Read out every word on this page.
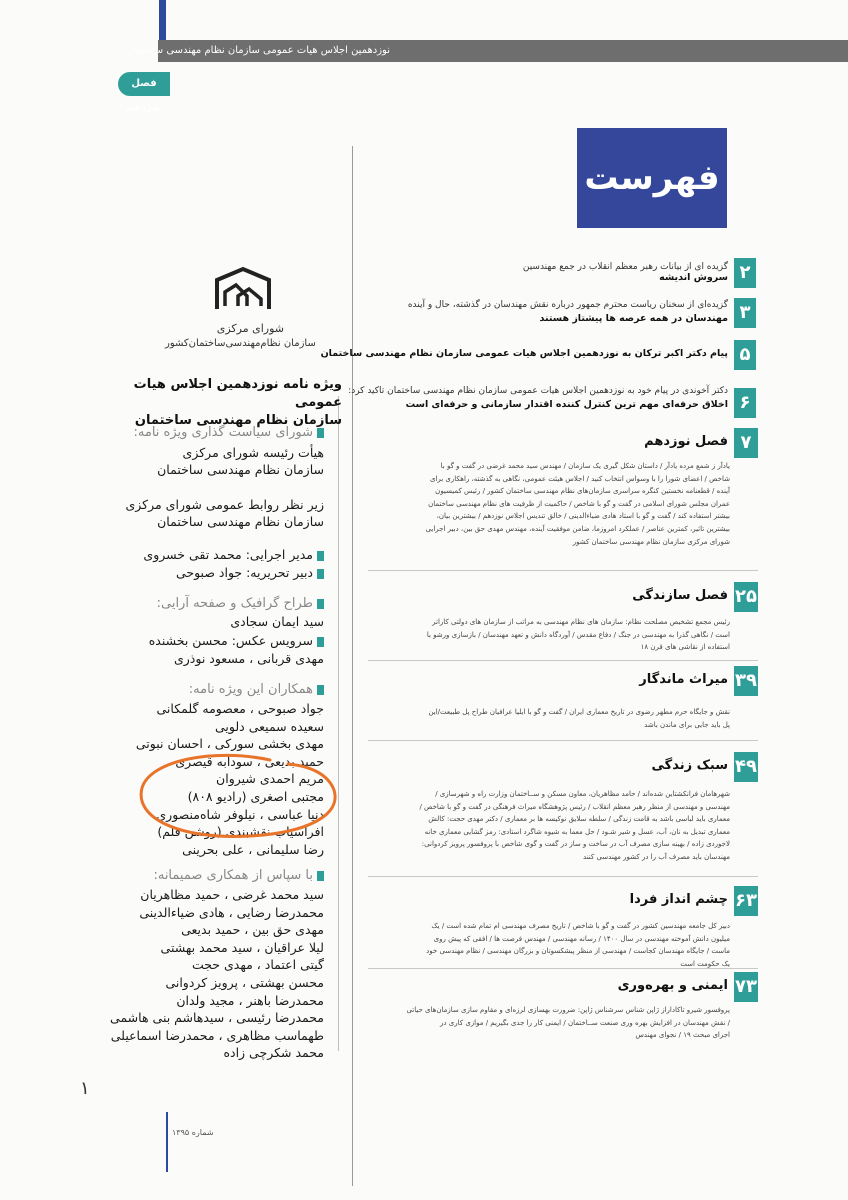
نوزدهمین اجلاس هیات عمومی سازمان نظام مهندسی ساختمان
فصل نوزدهم
فهرست
۲
گزیده ای از بیانات رهبر معظم انقلاب در جمع مهندسین
سروش اندیشه
۳
گزیده‌ای از سخنان ریاست محترم جمهور درباره نقش مهندسان در گذشته، حال و آینده
مهندسان در همه عرصه ها پیشتاز هستند
۵
پیام دکتر اکبر ترکان به نوزدهمین اجلاس هیات عمومی سازمان نظام مهندسی ساختمان
۶
دکتر آخوندی در پیام خود به نوزدهمین اجلاس هیات عمومی سازمان نظام مهندسی ساختمان تاکید کرد:
اخلاق حرفه‌ای مهم ترین کنترل کننده اقتدار سازمانی و حرفه‌ای است
۷
فصل نوزدهم
یادآر ز شمع مرده یادآر / داستان شکل گیری یک سازمان / مهندس سید محمد غرضی در گفت و گو با
شاخص / اعضای شورا را با وسواس انتخاب کنید / اجلاس هیئت عمومی، نگاهی به گذشته، راهکاری برای
آینده / قطعنامه نخستین کنگره سراسری سازمان‌های نظام مهندسی ساختمان کشور / رئیس کمیسیون
عمران مجلس شورای اسلامی در گفت و گو با شاخص / حاکمیت از ظرفیت های نظام مهندسی ساختمان
بیشتر استفاده کند / گفت و گو با استاد هادی ضیاءالدینی / خالق تندیس اجلاس نوزدهم / بیشترین بیان،
بیشترین تاثیر، کمترین عناصر / عملکرد امروزما، ضامن موفقیت آینده، مهندس مهدی حق بین، دبیر اجرایی
شورای مرکزی سازمان نظام مهندسی ساختمان کشور
۲۵
فصل سازندگی
رئیس مجمع تشخیص مصلحت نظام: سازمان های نظام مهندسی به مراتب از سازمان های دولتی کاراتر
است / نگاهی گذرا به مهندسی در جنگ / دفاع مقدس / آوردگاه دانش و تعهد مهندسان / بازسازی ورشو با
استفاده از نقاشی های قرن ۱۸
۳۹
میراث ماندگار
نقش و جایگاه حرم مطهر رضوی در تاریخ معماری ایران / گفت و گو با ایلیا عرافیان طراح پل طبیعت/این
پل باید جایی برای ماندن باشد
۴۹
سبک زندگی
شهرهامان فرانکشتاین شده‌اند / حامد مظاهریان، معاون مسکن و ســاختمان وزارت راه و شهرسازی /
مهندسی و مهندسی از منظر رهبر معظم انقلاب / رئیس پژوهشگاه میراث فرهنگی در گفت و گو با شاخص /
معماری باید لباسی باشد به قامت زندگی / سلطه سلایق نوکیسه ها بر معماری / دکتر مهدی حجت: کالش
معماری تبدیل به نان، آب، عسل و شیر شـود / حل معما به شیوه شاگرد استادی: رمز گشایی معماری خانه
لاجوردی زاده / بهینه سازی مصرف آب در ساخت و ساز در گفت و گوی شاخص با پروفسور پرویز کردوانی:
مهندسان باید مصرف آب را در کشور مهندسی کنند
۶۳
چشم انداز فردا
دبیر کل جامعه مهندسین کشور در گفت و گو با شاخص / تاریخ مصرف مهندسی ام تمام شده است / یک
میلیون دانش آموخته مهندسی در سال ۱۴۰۰ / رسانه مهندسی / مهندس فرصت ها / افقی که پیش روی
ماست / جایگاه مهندسان کجاست / مهندسی از منظر پیشکسوتان و بزرگان مهندسی / نظام مهندسی خود
یک حکومت است
۷۳
ایمنی و بهره‌وری
پروفسور شیرو تاکاداراز ژاپن شناس سرشناس ژاپن: ضرورت بهسازی لرزه‌ای و مقاوم سازی سازمان‌های حیاتی
/ نقش مهندسان در افزایش بهره وری صنعت ســاختمان / ایمنی کار را جدی بگیریم / موازی کاری در
اجرای مبحث ۱۹ / نجوای مهندس
شورای مرکزی
سازمان نظام‌مهندسی‌ساختمان‌کشور
ویژه نامه نوزدهمین اجلاس هیات عمومی
سازمان نظام مهندسی ساختمان
شورای سیاست گذاری ویژه نامه:
هیأت رئیسه شورای مرکزی
سازمان نظام مهندسی ساختمان
زیر نظر روابط عمومی شورای مرکزی
سازمان نظام مهندسی ساختمان
مدیر اجرایی: محمد تقی خسروی
دبیر تحریریه: جواد صبوحی
طراح گرافیک و صفحه آرایی:
سید ایمان سجادی
سرویس عکس: محسن بخشنده
مهدی قربانی ، مسعود نوذری
همکاران این ویژه نامه:
جواد صبوحی ، معصومه گلمکانی
سعیده سمیعی دلویی
مهدی بخشی سورکی ، احسان نبوتی
حمید بدیعی ، سودابه قیصری
مریم احمدی شیروان
مجتبی اصغری (رادیو ۸۰۸)
دنیا عباسی ، نیلوفر شاه‌منصوری
افراسیاب نقشبندی (روشن قلم)
رضا سلیمانی ، علی بحرینی
با سپاس از همکاری صمیمانه:
سید محمد غرضی ، حمید مظاهریان
محمدرضا رضایی ، هادی ضیاءالدینی
مهدی حق بین ، حمید بدیعی
لیلا عراقیان ، سید محمد بهشتی
گیتی اعتماد ، مهدی حجت
محسن بهشتی ، پرویز کردوانی
محمدرضا باهنر ، مجید ولدان
محمدرضا رئیسی ، سیدهاشم بنی هاشمی
طهماسب مظاهری ، محمدرضا اسماعیلی
محمد شکرچی زاده
۱
شماره ۱۳۹۵
